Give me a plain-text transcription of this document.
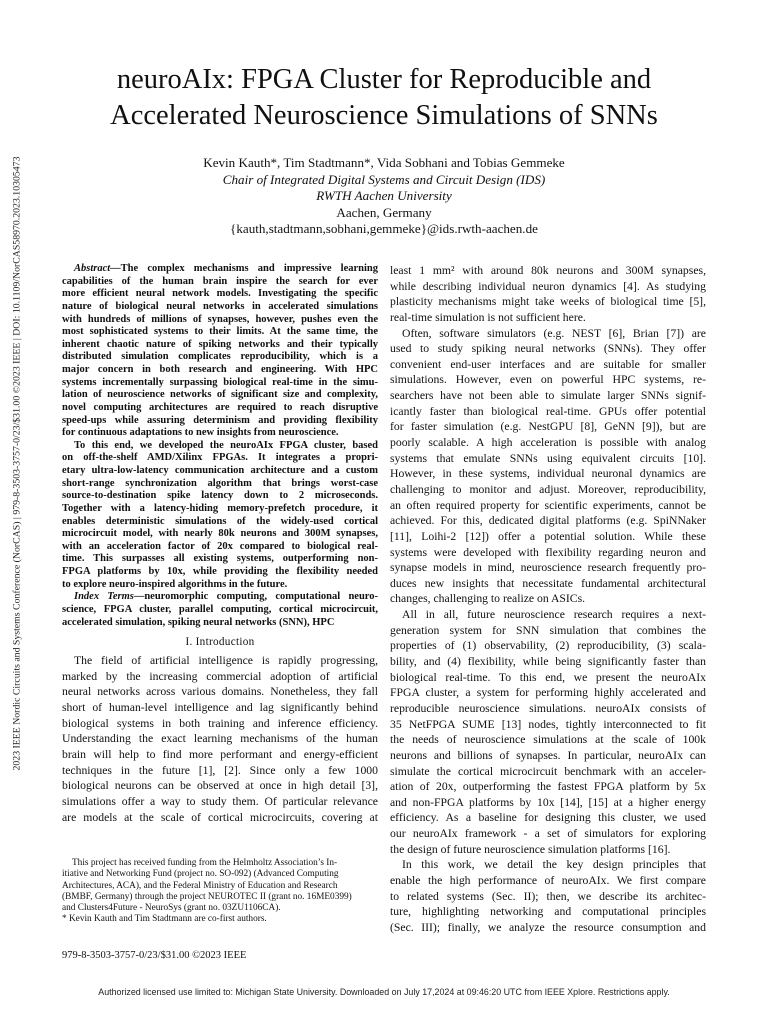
2023 IEEE Nordic Circuits and Systems Conference (NorCAS) | 979-8-3503-3757-0/23/$31.00 ©2023 IEEE | DOI: 10.1109/NorCAS58970.2023.10305473
neuroAIx: FPGA Cluster for Reproducible and
Accelerated Neuroscience Simulations of SNNs
Kevin Kauth*, Tim Stadtmann*, Vida Sobhani and Tobias Gemmeke
Chair of Integrated Digital Systems and Circuit Design (IDS)
RWTH Aachen University
Aachen, Germany
{kauth,stadtmann,sobhani,gemmeke}@ids.rwth-aachen.de
Abstract—The complex mechanisms and impressive learning
capabilities of the human brain inspire the search for ever
more efficient neural network models. Investigating the specific
nature of biological neural networks in accelerated simulations
with hundreds of millions of synapses, however, pushes even the
most sophisticated systems to their limits. At the same time, the
inherent chaotic nature of spiking networks and their typically
distributed simulation complicates reproducibility, which is a
major concern in both research and engineering. With HPC
systems incrementally surpassing biological real-time in the simu-
lation of neuroscience networks of significant size and complexity,
novel computing architectures are required to reach disruptive
speed-ups while assuring determinism and providing flexibility
for continuous adaptations to new insights from neuroscience.
To this end, we developed the neuroAIx FPGA cluster, based
on off-the-shelf AMD/Xilinx FPGAs. It integrates a propri-
etary ultra-low-latency communication architecture and a custom
short-range synchronization algorithm that brings worst-case
source-to-destination spike latency down to 2 microseconds.
Together with a latency-hiding memory-prefetch procedure, it
enables deterministic simulations of the widely-used cortical
microcircuit model, with nearly 80k neurons and 300M synapses,
with an acceleration factor of 20x compared to biological real-
time. This surpasses all existing systems, outperforming non-
FPGA platforms by 10x, while providing the flexibility needed
to explore neuro-inspired algorithms in the future.
Index Terms—neuromorphic computing, computational neuro-
science, FPGA cluster, parallel computing, cortical microcircuit,
accelerated simulation, spiking neural networks (SNN), HPC
I. Introduction
The field of artificial intelligence is rapidly progressing,
marked by the increasing commercial adoption of artificial
neural networks across various domains. Nonetheless, they fall
short of human-level intelligence and lag significantly behind
biological systems in both training and inference efficiency.
Understanding the exact learning mechanisms of the human
brain will help to find more performant and energy-efficient
techniques in the future [1], [2]. Since only a few 1000
biological neurons can be observed at once in high detail [3],
simulations offer a way to study them. Of particular relevance
are models at the scale of cortical microcircuits, covering at
This project has received funding from the Helmholtz Association’s In-
itiative and Networking Fund (project no. SO-092) (Advanced Computing
Architectures, ACA), and the Federal Ministry of Education and Research
(BMBF, Germany) through the project NEUROTEC II (grant no. 16ME0399)
and Clusters4Future - NeuroSys (grant no. 03ZU1106CA).
* Kevin Kauth and Tim Stadtmann are co-first authors.
979-8-3503-3757-0/23/$31.00 ©2023 IEEE
least 1 mm² with around 80k neurons and 300M synapses,
while describing individual neuron dynamics [4]. As studying
plasticity mechanisms might take weeks of biological time [5],
real-time simulation is not sufficient here.
Often, software simulators (e.g. NEST [6], Brian [7]) are
used to study spiking neural networks (SNNs). They offer
convenient end-user interfaces and are suitable for smaller
simulations. However, even on powerful HPC systems, re-
searchers have not been able to simulate larger SNNs signif-
icantly faster than biological real-time. GPUs offer potential
for faster simulation (e.g. NestGPU [8], GeNN [9]), but are
poorly scalable. A high acceleration is possible with analog
systems that emulate SNNs using equivalent circuits [10].
However, in these systems, individual neuronal dynamics are
challenging to monitor and adjust. Moreover, reproducibility,
an often required property for scientific experiments, cannot be
achieved. For this, dedicated digital platforms (e.g. SpiNNaker
[11], Loihi-2 [12]) offer a potential solution. While these
systems were developed with flexibility regarding neuron and
synapse models in mind, neuroscience research frequently pro-
duces new insights that necessitate fundamental architectural
changes, challenging to realize on ASICs.
All in all, future neuroscience research requires a next-
generation system for SNN simulation that combines the
properties of (1) observability, (2) reproducibility, (3) scala-
bility, and (4) flexibility, while being significantly faster than
biological real-time. To this end, we present the neuroAIx
FPGA cluster, a system for performing highly accelerated and
reproducible neuroscience simulations. neuroAIx consists of
35 NetFPGA SUME [13] nodes, tightly interconnected to fit
the needs of neuroscience simulations at the scale of 100k
neurons and billions of synapses. In particular, neuroAIx can
simulate the cortical microcircuit benchmark with an acceler-
ation of 20x, outperforming the fastest FPGA platform by 5x
and non-FPGA platforms by 10x [14], [15] at a higher energy
efficiency. As a baseline for designing this cluster, we used
our neuroAIx framework - a set of simulators for exploring
the design of future neuroscience simulation platforms [16].
In this work, we detail the key design principles that
enable the high performance of neuroAIx. We first compare
to related systems (Sec. II); then, we describe its architec-
ture, highlighting networking and computational principles
(Sec. III); finally, we analyze the resource consumption and
Authorized licensed use limited to: Michigan State University. Downloaded on July 17,2024 at 09:46:20 UTC from IEEE Xplore. Restrictions apply.
